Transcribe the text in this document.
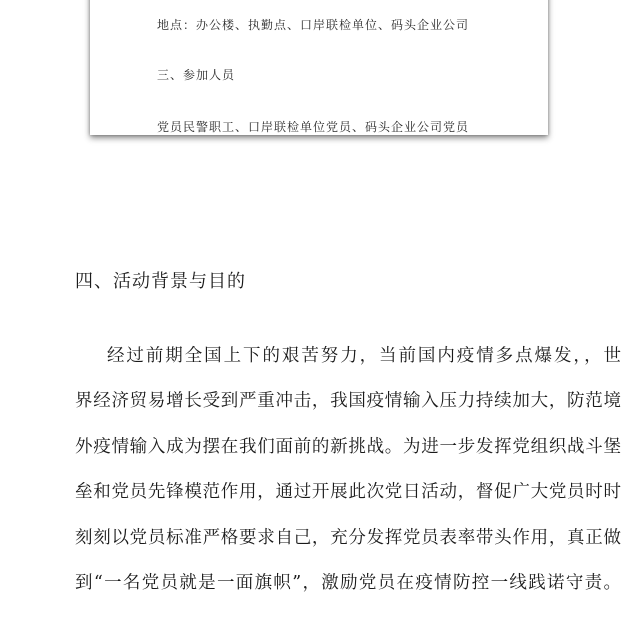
地点：办公楼、执勤点、口岸联检单位、码头企业公司
三、参加人员
党员民警职工、口岸联检单位党员、码头企业公司党员
四、活动背景与目的
经过前期全国上下的艰苦努力，当前国内疫情多点爆发，，世
界经济贸易增长受到严重冲击，我国疫情输入压力持续加大，防范境
外疫情输入成为摆在我们面前的新挑战。为进一步发挥党组织战斗堡
垒和党员先锋模范作用，通过开展此次党日活动，督促广大党员时时
刻刻以党员标准严格要求自己，充分发挥党员表率带头作用，真正做
到“一名党员就是一面旗帜”，激励党员在疫情防控一线践诺守责。
